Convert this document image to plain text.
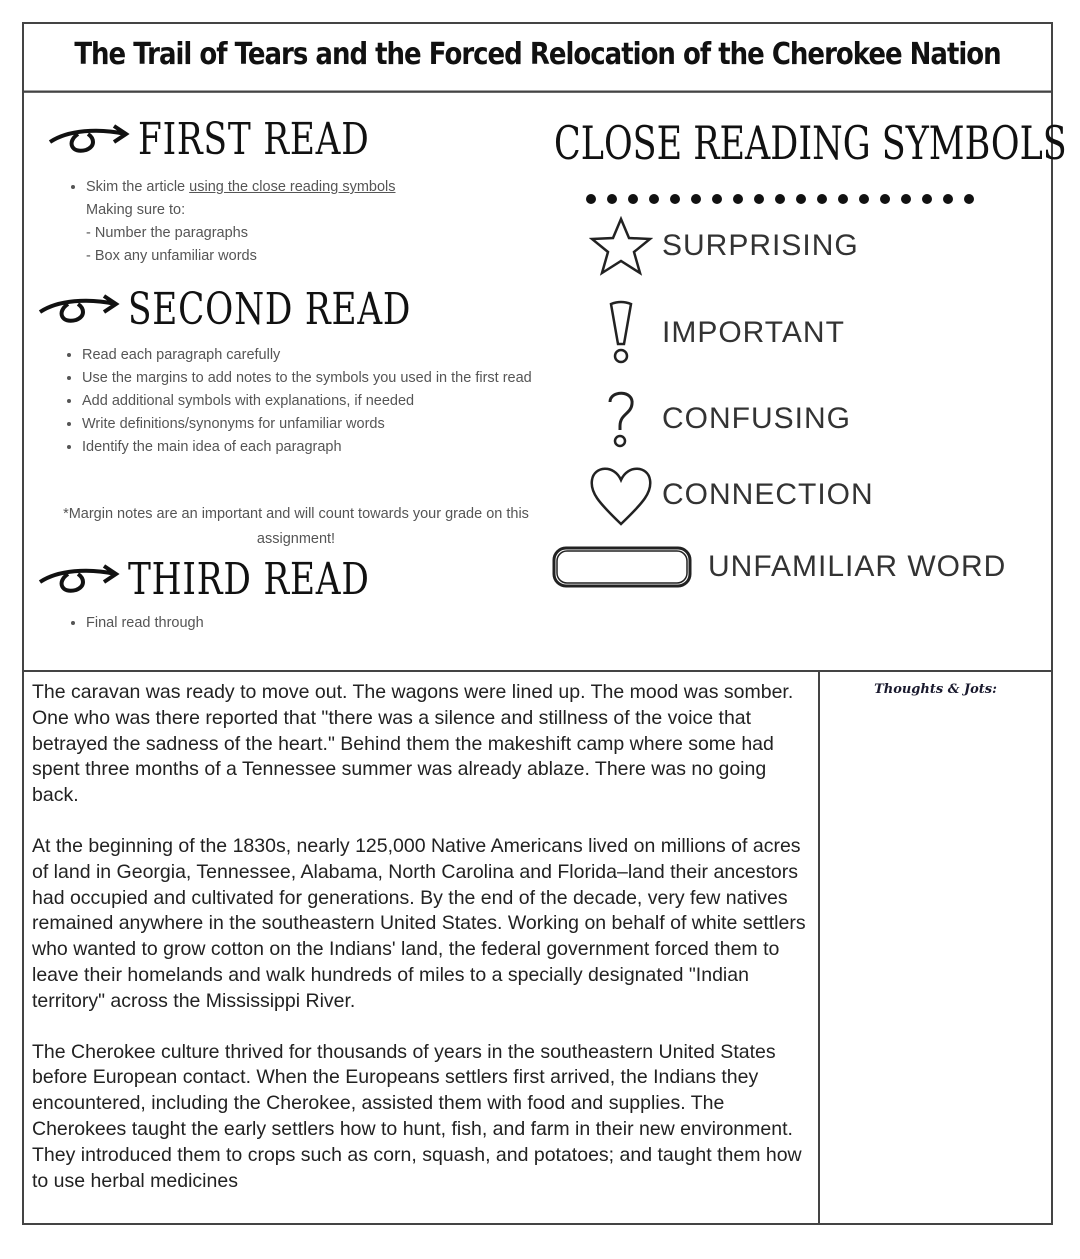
The Trail of Tears and the Forced Relocation of the Cherokee Nation
FIRST READ
• Skim the article using the close reading symbols
Making sure to:
- Number the paragraphs
- Box any unfamiliar words
SECOND READ
• Read each paragraph carefully
• Use the margins to add notes to the symbols you used in the first read
• Add additional symbols with explanations, if needed
• Write definitions/synonyms for unfamiliar words
• Identify the main idea of each paragraph
*Margin notes are an important and will count towards your grade on this assignment!
THIRD READ
• Final read through
CLOSE READING SYMBOLS
SURPRISING
IMPORTANT
CONFUSING
CONNECTION
UNFAMILIAR WORD

The caravan was ready to move out. The wagons were lined up. The mood was somber. One who was there reported that "there was a silence and stillness of the voice that betrayed the sadness of the heart." Behind them the makeshift camp where some had spent three months of a Tennessee summer was already ablaze. There was no going back.

At the beginning of the 1830s, nearly 125,000 Native Americans lived on millions of acres of land in Georgia, Tennessee, Alabama, North Carolina and Florida–land their ancestors had occupied and cultivated for generations. By the end of the decade, very few natives remained anywhere in the southeastern United States. Working on behalf of white settlers who wanted to grow cotton on the Indians' land, the federal government forced them to leave their homelands and walk hundreds of miles to a specially designated "Indian territory" across the Mississippi River.

The Cherokee culture thrived for thousands of years in the southeastern United States before European contact. When the Europeans settlers first arrived, the Indians they encountered, including the Cherokee, assisted them with food and supplies. The Cherokees taught the early settlers how to hunt, fish, and farm in their new environment. They introduced them to crops such as corn, squash, and potatoes; and taught them how to use herbal medicines

Thoughts & Jots:
